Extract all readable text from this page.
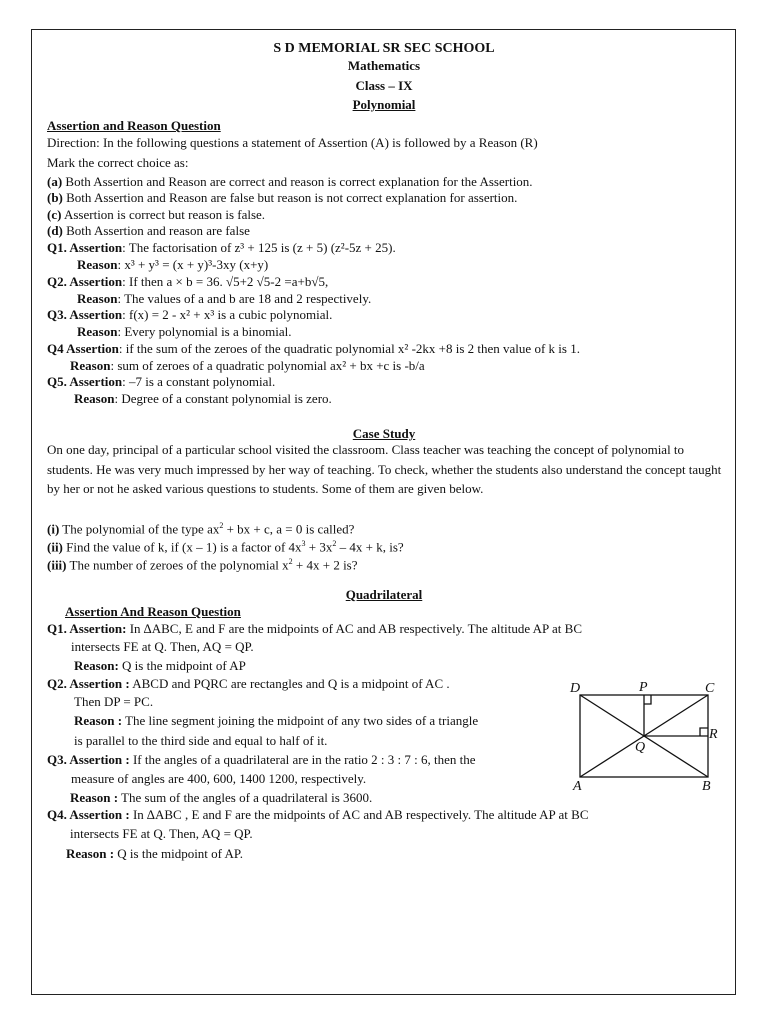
S D MEMORIAL SR SEC SCHOOL
Mathematics
Class – IX
Polynomial
Assertion and Reason Question
Direction: In the following questions a statement of Assertion (A) is followed by a Reason (R)
Mark the correct choice as:
(a) Both Assertion and Reason are correct and reason is correct explanation for the Assertion.
(b) Both Assertion and Reason are false but reason is not correct explanation for assertion.
(c) Assertion is correct but reason is false.
(d) Both Assertion and reason are false
Q1. Assertion: The factorisation of z³ + 125 is (z + 5) (z²-5z + 25).
Reason: x³ + y³ = (x + y)³-3xy (x+y)
Q2. Assertion: If then a × b = 36. √5+2 √5-2 =a+b√5,
Reason: The values of a and b are 18 and 2 respectively.
Q3. Assertion: f(x) = 2 - x² + x³ is a cubic polynomial.
Reason: Every polynomial is a binomial.
Q4 Assertion: if the sum of the zeroes of the quadratic polynomial x² -2kx +8 is 2 then value of k is 1.
Reason: sum of zeroes of a quadratic polynomial ax² + bx +c is -b/a
Q5. Assertion: –7 is a constant polynomial.
Reason: Degree of a constant polynomial is zero.
Case Study
On one day, principal of a particular school visited the classroom. Class teacher was teaching the concept of polynomial to students. He was very much impressed by her way of teaching. To check, whether the students also understand the concept taught by her or not he asked various questions to students. Some of them are given below.
(i) The polynomial of the type $ax^2$ + bx + c, a = 0 is called?
(ii) Find the value of k, if (x – 1) is a factor of $4x^3 + 3x^2 - 4x + k$, is?
(iii) The number of zeroes of the polynomial $x^2 + 4x + 2$ is?
Quadrilateral
Assertion And Reason Question
Q1. Assertion: In ∆ABC, E and F are the midpoints of AC and AB respectively. The altitude AP at BC
intersects FE at Q. Then, AQ = QP.
Reason: Q is the midpoint of AP
Q2. Assertion : ABCD and PQRC are rectangles and Q is a midpoint of AC .
Then DP = PC.
Reason : The line segment joining the midpoint of any two sides of a triangle
is parallel to the third side and equal to half of it.
Q3. Assertion : If the angles of a quadrilateral are in the ratio 2 : 3 : 7 : 6, then the
measure of angles are 400, 600, 1400 1200, respectively.
Reason : The sum of the angles of a quadrilateral is 3600.
Q4. Assertion : In ∆ABC , E and F are the midpoints of AC and AB respectively. The altitude AP at BC
intersects FE at Q. Then, AQ = QP.
Reason : Q is the midpoint of AP.
D	P	C
R
Q
A	B
